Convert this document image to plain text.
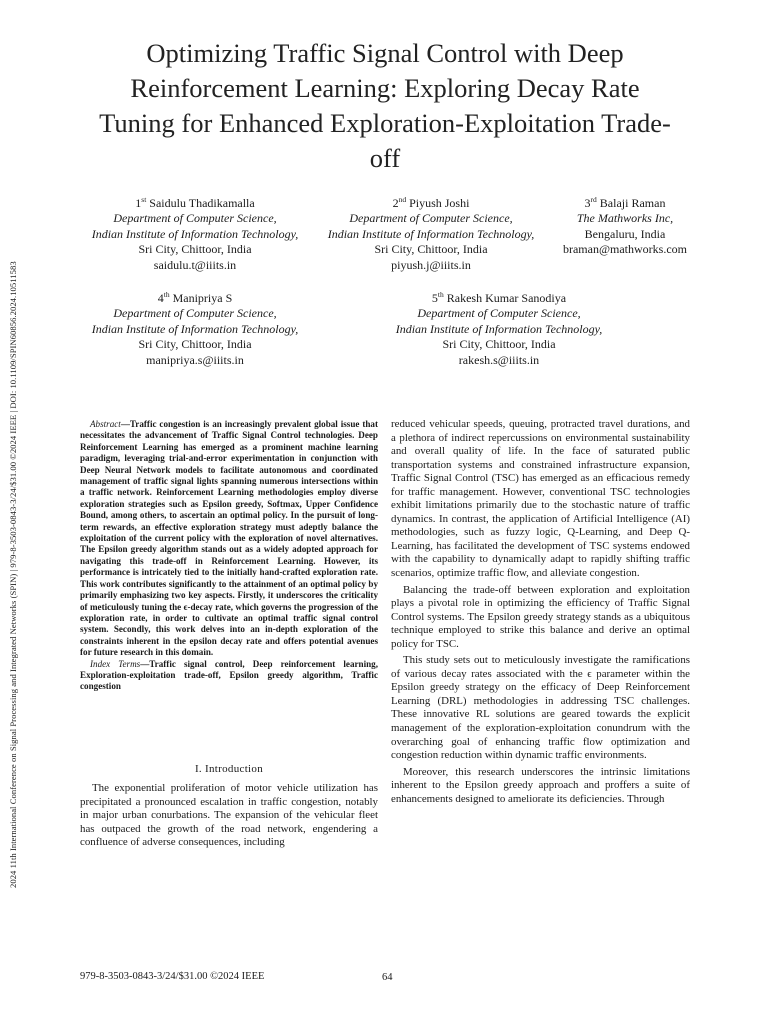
2024 11th International Conference on Signal Processing and Integrated Networks (SPIN) | 979-8-3503-0843-3/24/$31.00 ©2024 IEEE | DOI: 10.1109/SPIN60856.2024.10511583
Optimizing Traffic Signal Control with Deep Reinforcement Learning: Exploring Decay Rate Tuning for Enhanced Exploration-Exploitation Trade-off
1st Saidulu Thadikamalla
Department of Computer Science,
Indian Institute of Information Technology,
Sri City, Chittoor, India
saidulu.t@iiits.in
2nd Piyush Joshi
Department of Computer Science,
Indian Institute of Information Technology,
Sri City, Chittoor, India
piyush.j@iiits.in
3rd Balaji Raman
The Mathworks Inc,
Bengaluru, India
braman@mathworks.com
4th Manipriya S
Department of Computer Science,
Indian Institute of Information Technology,
Sri City, Chittoor, India
manipriya.s@iiits.in
5th Rakesh Kumar Sanodiya
Department of Computer Science,
Indian Institute of Information Technology,
Sri City, Chittoor, India
rakesh.s@iiits.in

Abstract—Traffic congestion is an increasingly prevalent global issue that necessitates the advancement of Traffic Signal Control technologies. Deep Reinforcement Learning has emerged as a prominent machine learning paradigm, leveraging trial-and-error experimentation in conjunction with Deep Neural Network models to facilitate autonomous and coordinated management of traffic signal lights spanning numerous intersections within a traffic network. Reinforcement Learning methodologies employ diverse exploration strategies such as Epsilon greedy, Softmax, Upper Confidence Bound, among others, to ascertain an optimal policy. In the pursuit of long-term rewards, an effective exploration strategy must adeptly balance the exploitation of the current policy with the exploration of novel alternatives. The Epsilon greedy algorithm stands out as a widely adopted approach for navigating this trade-off in Reinforcement Learning. However, its performance is intricately tied to the initially hand-crafted exploration rate. This work contributes significantly to the attainment of an optimal policy by primarily emphasizing two key aspects. Firstly, it underscores the criticality of meticulously tuning the ϵ-decay rate, which governs the progression of the exploration rate, in order to cultivate an optimal traffic signal control system. Secondly, this work delves into an in-depth exploration of the constraints inherent in the epsilon decay rate and offers potential avenues for future research in this domain.

Index Terms—Traffic signal control, Deep reinforcement learning, Exploration-exploitation trade-off, Epsilon greedy algorithm, Traffic congestion

I. Introduction

The exponential proliferation of motor vehicle utilization has precipitated a pronounced escalation in traffic congestion, notably in major urban conurbations. The expansion of the vehicular fleet has outpaced the growth of the road network, engendering a confluence of adverse consequences, including

reduced vehicular speeds, queuing, protracted travel durations, and a plethora of indirect repercussions on environmental sustainability and overall quality of life. In the face of saturated public transportation systems and constrained infrastructure expansion, Traffic Signal Control (TSC) has emerged as an efficacious remedy for traffic management. However, conventional TSC technologies exhibit limitations primarily due to the stochastic nature of traffic dynamics. In contrast, the application of Artificial Intelligence (AI) methodologies, such as fuzzy logic, Q-Learning, and Deep Q-Learning, has facilitated the development of TSC systems endowed with the capability to dynamically adapt to rapidly shifting traffic scenarios, optimize traffic flow, and alleviate congestion.

Balancing the trade-off between exploration and exploitation plays a pivotal role in optimizing the efficiency of Traffic Signal Control systems. The Epsilon greedy strategy stands as a ubiquitous technique employed to strike this balance and derive an optimal policy for TSC.

This study sets out to meticulously investigate the ramifications of various decay rates associated with the ϵ parameter within the Epsilon greedy strategy on the efficacy of Deep Reinforcement Learning (DRL) methodologies in addressing TSC challenges. These innovative RL solutions are geared towards the explicit management of the exploration-exploitation conundrum with the overarching goal of enhancing traffic flow optimization and congestion reduction within dynamic traffic environments.

Moreover, this research underscores the intrinsic limitations inherent to the Epsilon greedy approach and proffers a suite of enhancements designed to ameliorate its deficiencies. Through

979-8-3503-0843-3/24/$31.00 ©2024 IEEE	64
